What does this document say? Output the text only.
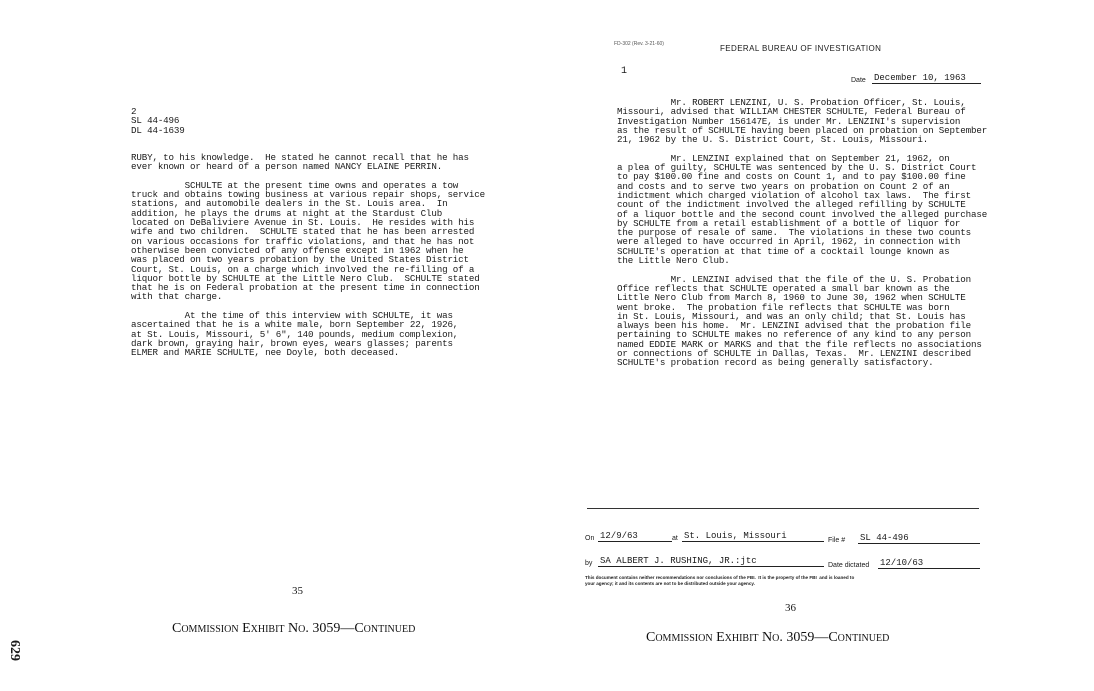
2
SL 44-496
DL 44-1639
RUBY, to his knowledge.  He stated he cannot recall that he has
ever known or heard of a person named NANCY ELAINE PERRIN.

SCHULTE at the present time owns and operates a tow
truck and obtains towing business at various repair shops, service
stations, and automobile dealers in the St. Louis area.  In
addition, he plays the drums at night at the Stardust Club
located on DeBaliviere Avenue in St. Louis.  He resides with his
wife and two children.  SCHULTE stated that he has been arrested
on various occasions for traffic violations, and that he has not
otherwise been convicted of any offense except in 1962 when he
was placed on two years probation by the United States District
Court, St. Louis, on a charge which involved the re-filling of a
liquor bottle by SCHULTE at the Little Nero Club.  SCHULTE stated
that he is on Federal probation at the present time in connection
with that charge.

At the time of this interview with SCHULTE, it was
ascertained that he is a white male, born September 22, 1926,
at St. Louis, Missouri, 5' 6", 140 pounds, medium complexion,
dark brown, graying hair, brown eyes, wears glasses; parents
ELMER and MARIE SCHULTE, nee Doyle, both deceased.
35
Commission Exhibit No. 3059—Continued
629
FD-302 (Rev. 3-21-60)	FEDERAL BUREAU OF INVESTIGATION
1
Date December 10, 1963
Mr. ROBERT LENZINI, U. S. Probation Officer, St. Louis,
Missouri, advised that WILLIAM CHESTER SCHULTE, Federal Bureau of
Investigation Number 156147E, is under Mr. LENZINI's supervision
as the result of SCHULTE having been placed on probation on September
21, 1962 by the U. S. District Court, St. Louis, Missouri.

Mr. LENZINI explained that on September 21, 1962, on
a plea of guilty, SCHULTE was sentenced by the U. S. District Court
to pay $100.00 fine and costs on Count 1, and to pay $100.00 fine
and costs and to serve two years on probation on Count 2 of an
indictment which charged violation of alcohol tax laws.  The first
count of the indictment involved the alleged refilling by SCHULTE
of a liquor bottle and the second count involved the alleged purchase
by SCHULTE from a retail establishment of a bottle of liquor for
the purpose of resale of same.  The violations in these two counts
were alleged to have occurred in April, 1962, in connection with
SCHULTE's operation at that time of a cocktail lounge known as
the Little Nero Club.

Mr. LENZINI advised that the file of the U. S. Probation
Office reflects that SCHULTE operated a small bar known as the
Little Nero Club from March 8, 1960 to June 30, 1962 when SCHULTE
went broke.  The probation file reflects that SCHULTE was born
in St. Louis, Missouri, and was an only child; that St. Louis has
always been his home.  Mr. LENZINI advised that the probation file
pertaining to SCHULTE makes no reference of any kind to any person
named EDDIE MARK or MARKS and that the file reflects no associations
or connections of SCHULTE in Dallas, Texas.  Mr. LENZINI described
SCHULTE's probation record as being generally satisfactory.
On 12/9/63	at St. Louis, Missouri	File # SL 44-496
by SA ALBERT J. RUSHING, JR.:jtc	Date dictated 12/10/63
This document contains neither recommendations nor conclusions of the FBI.  It is the property of the FBI  and is loaned to
your agency; it and its contents are not to be distributed outside your agency.
36
Commission Exhibit No. 3059—Continued
